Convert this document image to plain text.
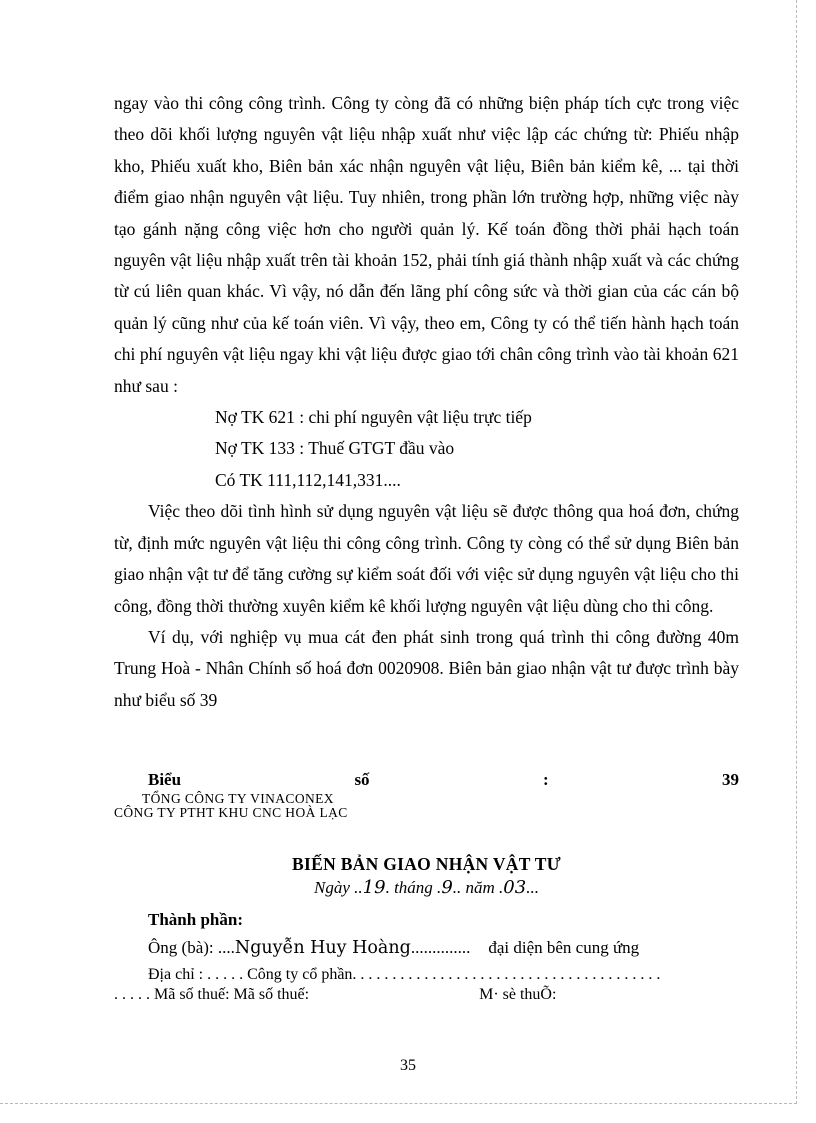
ngay vào thi công công trình. Công ty còng đã có những biện pháp tích cực trong việc theo dõi khối lượng nguyên vật liệu nhập xuất như việc lập các chứng từ: Phiếu nhập kho, Phiếu xuất kho, Biên bản xác nhận nguyên vật liệu, Biên bản kiểm kê, ... tại thời điểm giao nhận nguyên vật liệu. Tuy nhiên, trong phần lớn trường hợp, những việc này tạo gánh nặng công việc hơn cho người quản lý. Kế toán đồng thời phải hạch toán nguyên vật liệu nhập xuất trên tài khoản 152, phải tính giá thành nhập xuất và các chứng từ cú liên quan khác. Vì vậy, nó dẫn đến lãng phí công sức và thời gian của các cán bộ quản lý cũng như của kế toán viên. Vì vậy, theo em, Công ty có thể tiến hành hạch toán chi phí nguyên vật liệu ngay khi vật liệu được giao tới chân công trình vào tài khoản 621 như sau :

Nợ TK 621 : chi phí nguyên vật liệu trực tiếp
Nợ TK 133 : Thuế GTGT đầu vào
Có TK 111,112,141,331....

Việc theo dõi tình hình sử dụng nguyên vật liệu sẽ được thông qua hoá đơn, chứng từ, định mức nguyên vật liệu thi công công trình. Công ty còng có thể sử dụng Biên bản giao nhận vật tư để tăng cường sự kiểm soát đối với việc sử dụng nguyên vật liệu cho thi công, đồng thời thường xuyên kiểm kê khối lượng nguyên vật liệu dùng cho thi công.

Ví dụ, với nghiệp vụ mua cát đen phát sinh trong quá trình thi công đường 40m Trung Hoà - Nhân Chính số hoá đơn 0020908. Biên bản giao nhận vật tư được trình bày như biểu số 39

Biểu	số	:	39
TỔNG CÔNG TY VINACONEX
CÔNG TY PTHT KHU CNC HOÀ LẠC
BIẾN BẢN GIAO NHẬN VẬT TƯ
Ngày ..19. tháng .9.. năm .03...
Thành phần:
Ông (bà): ....Nguyễn Huy Hoàng.............. đại diện bên cung ứng
Địa chỉ : . . . . . Công ty cổ phần. . . . . . . . . . . . . . . . . . . . . . . . . . . . . . . . . . . . . . .
. . . . . Mã số thuế: Mã số thuế:	M· sè thuÕ:
35
